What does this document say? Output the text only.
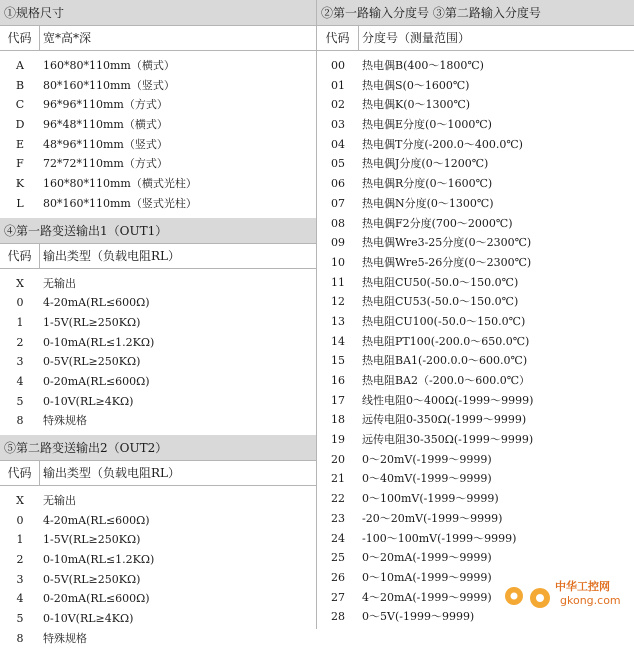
①规格尺寸
代码 宽*高*深
A	160*80*110mm（横式）
B	80*160*110mm（竖式）
C	96*96*110mm（方式）
D	96*48*110mm（横式）
E	48*96*110mm（竖式）
F	72*72*110mm（方式）
K	160*80*110mm（横式光柱）
L	80*160*110mm（竖式光柱）
④第一路变送输出1（OUT1）
代码 输出类型（负载电阻RL）
X	无输出
0	4-20mA(RL≤600Ω)
1	1-5V(RL≥250KΩ)
2	0-10mA(RL≤1.2KΩ)
3	0-5V(RL≥250KΩ)
4	0-20mA(RL≤600Ω)
5	0-10V(RL≥4KΩ)
8	特殊规格
⑤第二路变送输出2（OUT2）
代码 输出类型（负载电阻RL）
X	无输出
0	4-20mA(RL≤600Ω)
1	1-5V(RL≥250KΩ)
2	0-10mA(RL≤1.2KΩ)
3	0-5V(RL≥250KΩ)
4	0-20mA(RL≤600Ω)
5	0-10V(RL≥4KΩ)
8	特殊规格
②第一路输入分度号 ③第二路输入分度号
代码	分度号（测量范围）
00	热电偶B(400～1800℃)
01	热电偶S(0～1600℃)
02	热电偶K(0～1300℃)
03	热电偶E分度(0～1000℃)
04	热电偶T分度(-200.0～400.0℃)
05	热电偶J分度(0～1200℃)
06	热电偶R分度(0～1600℃)
07	热电偶N分度(0～1300℃)
08	热电偶F2分度(700～2000℃)
09	热电偶Wre3-25分度(0～2300℃)
10	热电偶Wre5-26分度(0～2300℃)
11	热电阻CU50(-50.0～150.0℃)
12	热电阻CU53(-50.0～150.0℃)
13	热电阻CU100(-50.0～150.0℃)
14	热电阻PT100(-200.0～650.0℃)
15	热电阻BA1(-200.0.0～600.0℃)
16	热电阻BA2（-200.0～600.0℃）
17	线性电阻0～400Ω(-1999～9999)
18	远传电阻0-350Ω(-1999～9999)
19	远传电阻30-350Ω(-1999～9999)
20	0～20mV(-1999～9999)
21	0～40mV(-1999～9999)
22	0～100mV(-1999～9999)
23	-20～20mV(-1999～9999)
24	-100～100mV(-1999～9999)
25	0～20mA(-1999～9999)
26	0～10mA(-1999～9999)
27	4～20mA(-1999～9999)
28	0～5V(-1999～9999)
中华工控网
gkong.com
